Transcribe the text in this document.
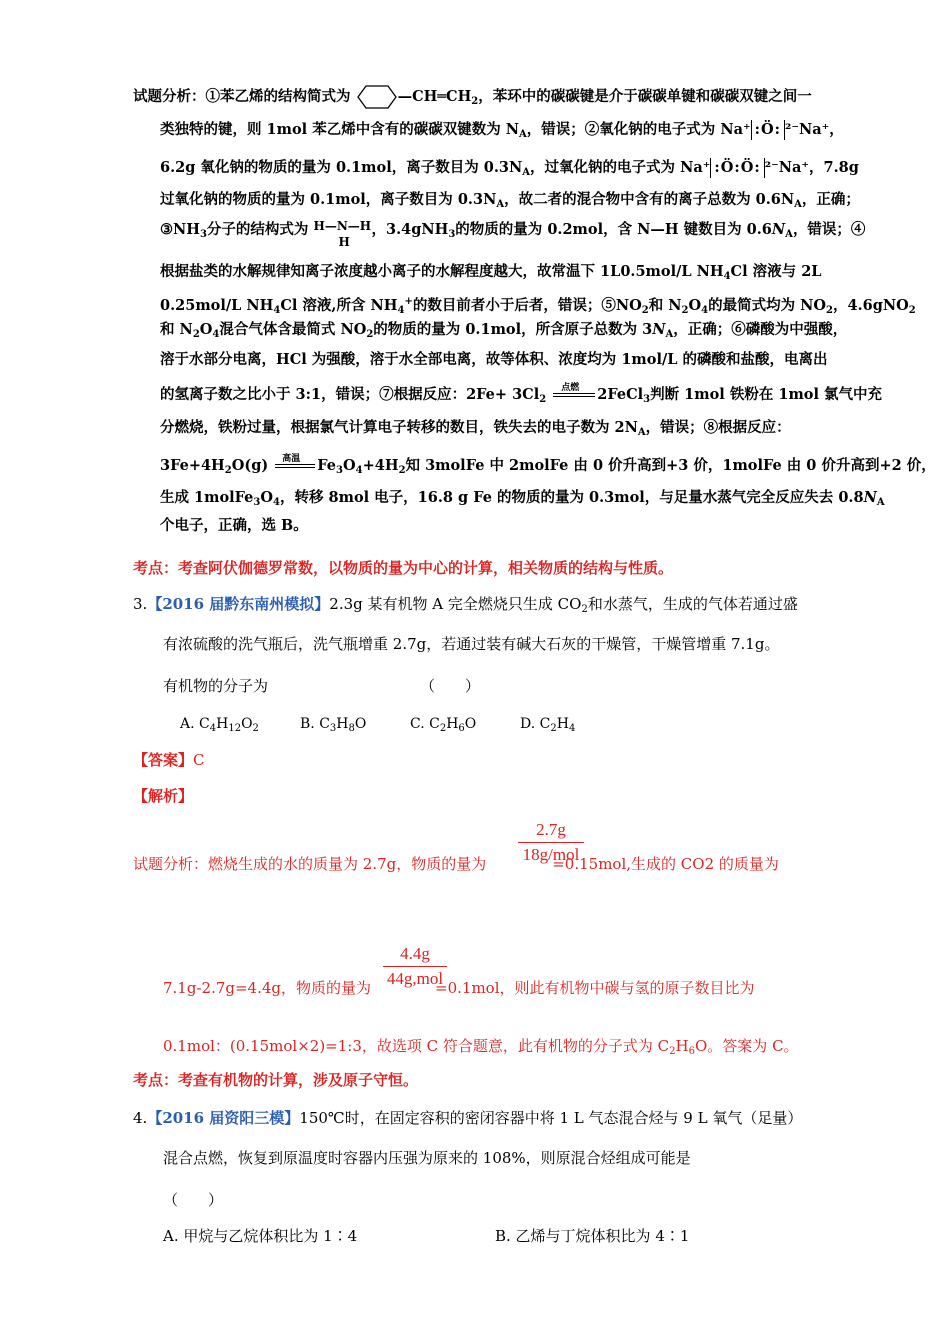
试题分析：①苯乙烯的结构简式为	$—CH═CH_2$，苯环中的碳碳键是介于碳碳单键和碳碳双键之间一
类独特的键，则 1mol 苯乙烯中含有的碳碳双键数为 $N_A$，错误；②氧化钠的电子式为 Na⁺ :Ö: ²⁻Na⁺，
6.2g 氧化钠的物质的量为 0.1mol，离子数目为 $0.3N_A$，过氧化钠的电子式为 Na⁺ :Ö:Ö: ²⁻Na⁺，7.8g
过氧化钠的物质的量为 0.1mol，离子数目为 $0.3N_A$，故二者的混合物中含有的离子总数为 $0.6N_A$，正确；
$③NH_3$分子的结构式为 H—N—H
H
，3.4gNH$_3$的物质的量为 0.2mol，含 N—H 键数目为 $0.6N_A$，错误；④
根据盐类的水解规律知离子浓度越小离子的水解程度越大，故常温下 1L0.5mol/L $NH_4Cl$ 溶液与 2L
0.25mol/L $NH_4Cl$ 溶液,所含 $NH_4^+$的数目前者小于后者，错误；$⑤NO_2$和 $N_2O_4$的最简式均为 $NO_2$，4.6gNO$_2$
和 $N_2O_4$混合气体含最简式 $NO_2$的物质的量为 0.1mol，所含原子总数为 $3N_A$，正确；⑥磷酸为中强酸，
溶于水部分电离，HCl 为强酸，溶于水全部电离，故等体积、浓度均为 1mol/L 的磷酸和盐酸，电离出
的氢离子数之比小于 3:1，错误；⑦根据反应：$2Fe+ 3Cl_2$
点燃 2FeCl$_3$判断 1mol 铁粉在 1mol 氯气中充
分燃烧，铁粉过量，根据氯气计算电子转移的数目，铁失去的电子数为 $2N_A$，错误；⑧根据反应：
$3Fe+4H_2O(g)$ 高温 $Fe_3O_4+4H_2$知 3molFe 中 2molFe 由 0 价升高到+3 价，1molFe 由 0 价升高到+2 价，
生成 $1molFe_3O_4$，转移 8mol 电子，16.8 g Fe 的物质的量为 0.3mol，与足量水蒸气完全反应失去 $0.8N_A$
个电子，正确，选 B。
考点：考查阿伏伽德罗常数，以物质的量为中心的计算，相关物质的结构与性质。
3.【2016 届黔东南州模拟】2.3g 某有机物 A 完全燃烧只生成 $CO_2$和水蒸气，生成的气体若通过盛
有浓硫酸的洗气瓶后，洗气瓶增重 2.7g，若通过装有碱大石灰的干燥管，干燥管增重 7.1g。
有机物的分子为	（　　）
A. $C_4H_{12}O_2$	B. $C_3H_8O$	C. $C_2H_6O$	D. $C_2H_4$
【答案】C
【解析】
2.7g
18g/mol
试题分析：燃烧生成的水的质量为 2.7g，物质的量为	=0.15mol,生成的 CO2 的质量为
4.4g
44g,mol
7.1g-2.7g=4.4g，物质的量为	=0.1mol，则此有机物中碳与氢的原子数目比为
0.1mol：(0.15mol×2)=1:3，故选项 C 符合题意，此有机物的分子式为 $C_2H_6O$。答案为 C。
考点：考查有机物的计算，涉及原子守恒。
4.【2016 届资阳三模】150℃时，在固定容积的密闭容器中将 1 L 气态混合烃与 9 L 氧气（足量）
混合点燃，恢复到原温度时容器内压强为原来的 108%，则原混合烃组成可能是
（　　）
A. 甲烷与乙烷体积比为 1∶4	B. 乙烯与丁烷体积比为 4∶1
